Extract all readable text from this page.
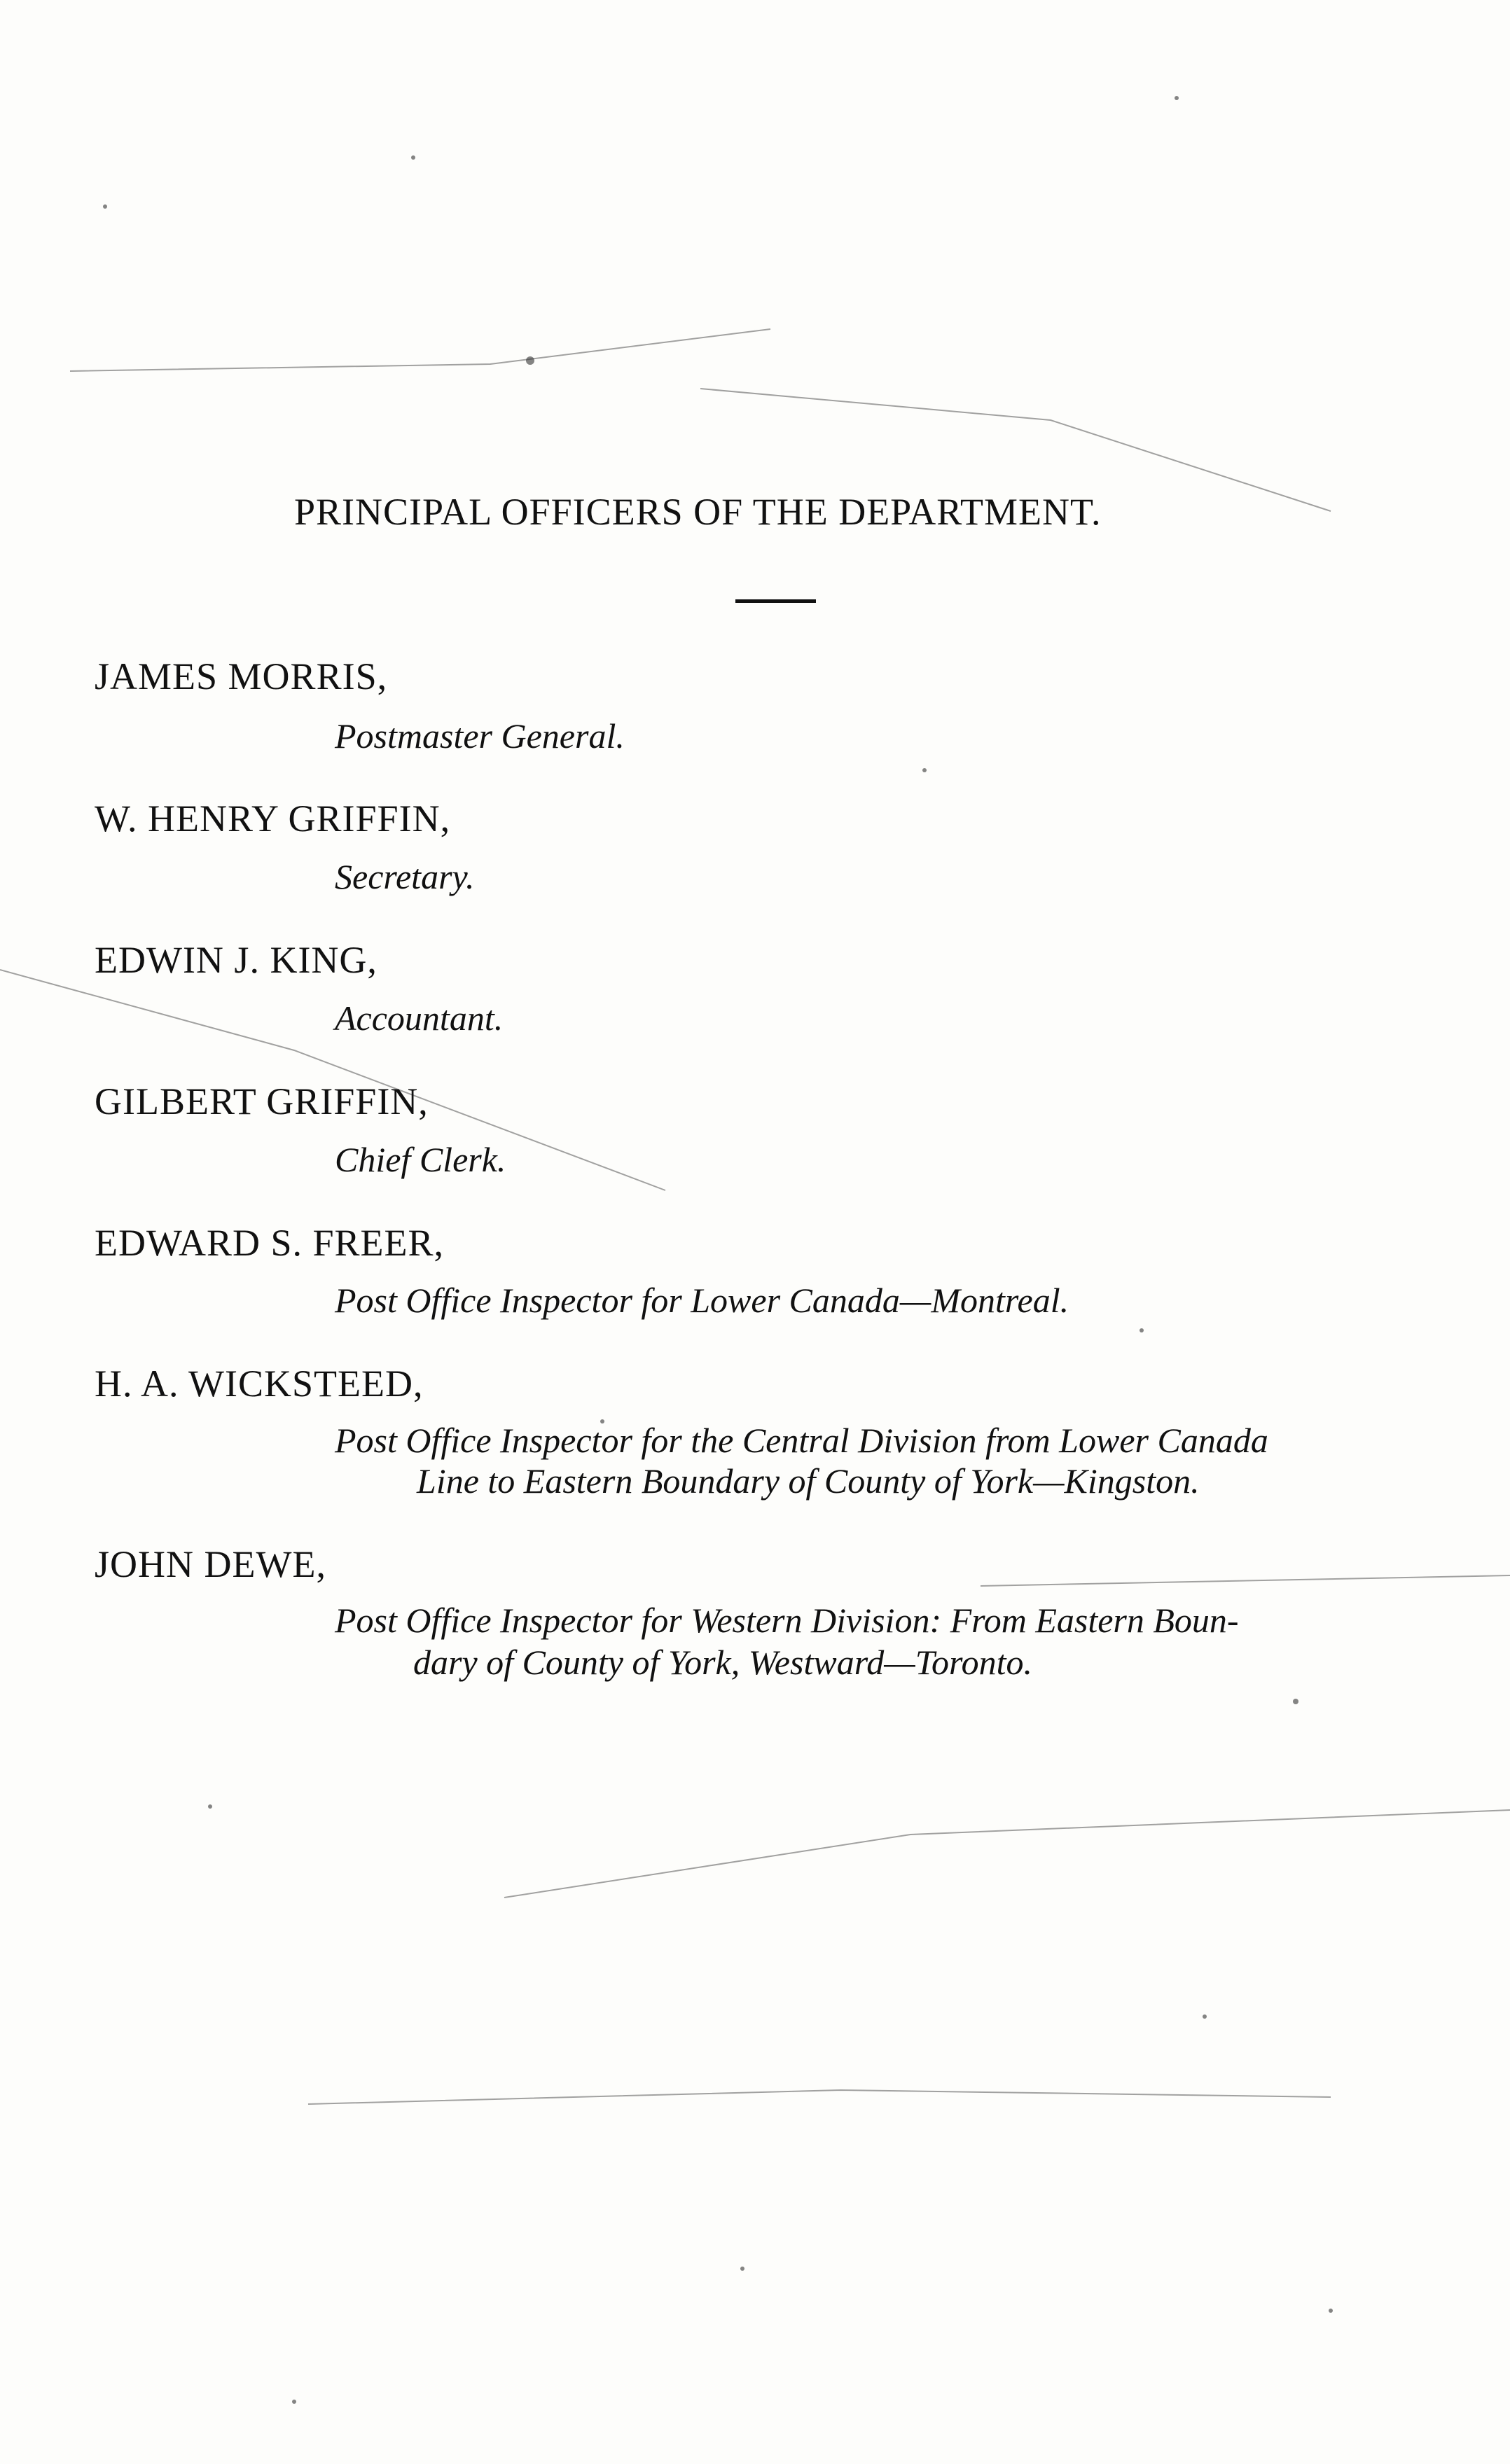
PRINCIPAL OFFICERS OF THE DEPARTMENT.
JAMES MORRIS,
Postmaster General.
W. HENRY GRIFFIN,
Secretary.
EDWIN J. KING,
Accountant.
GILBERT GRIFFIN,
Chief Clerk.
EDWARD S. FREER,
Post Office Inspector for Lower Canada—Montreal.
H. A. WICKSTEED,
Post Office Inspector for the Central Division from Lower Canada
Line to Eastern Boundary of County of York—Kingston.
JOHN DEWE,
Post Office Inspector for Western Division: From Eastern Boun-
dary of County of York, Westward—Toronto.
